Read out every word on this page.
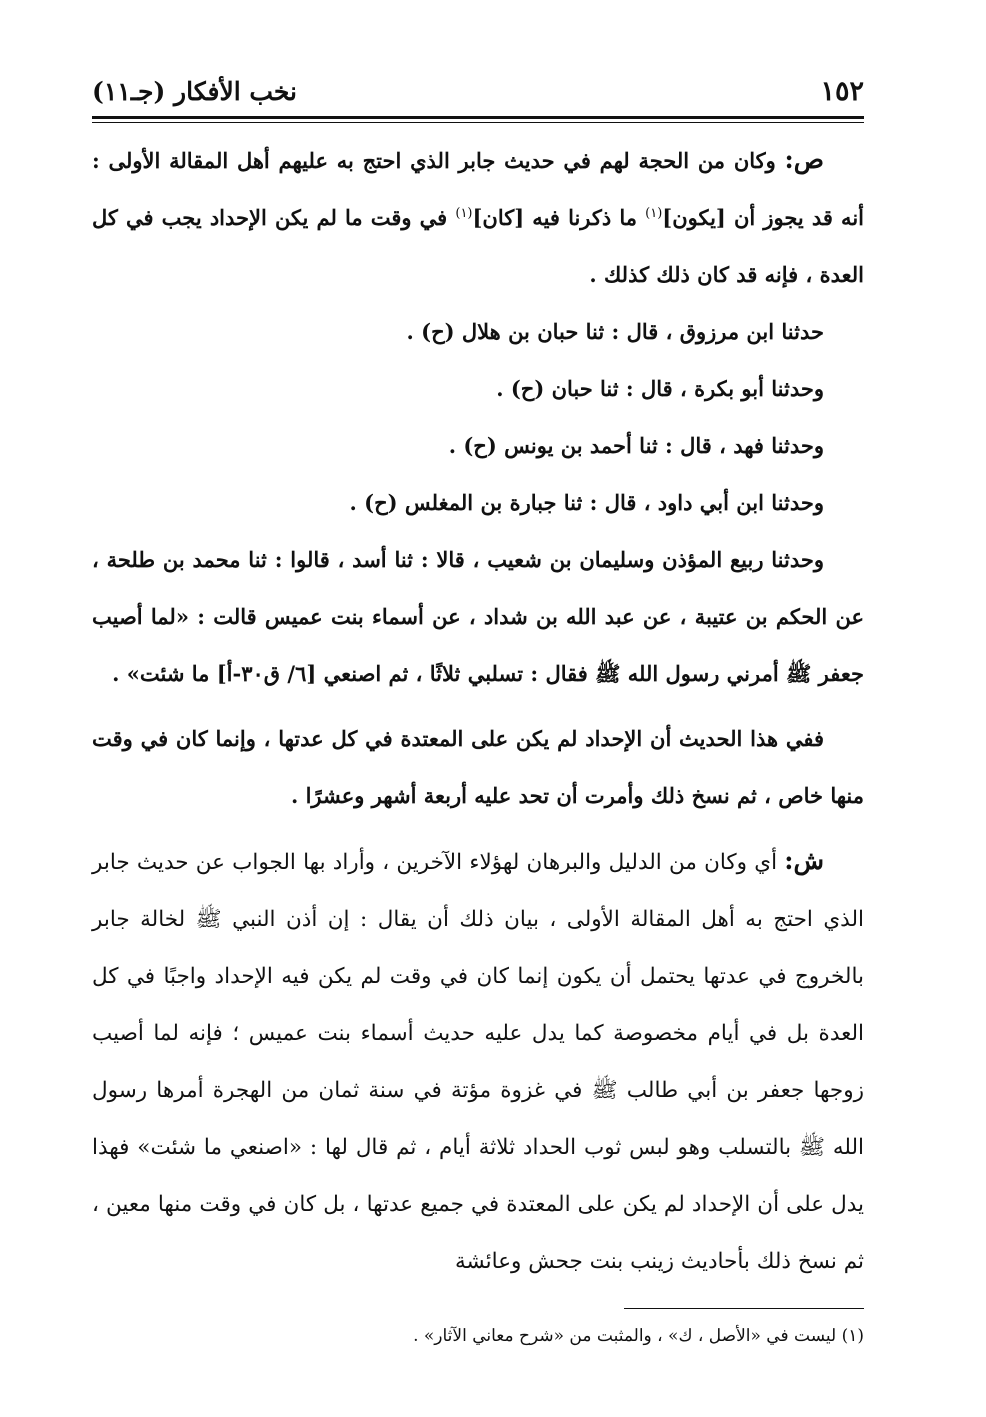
١٥٢
نخب الأفكار (جـ١١)

ص: وكان من الحجة لهم في حديث جابر الذي احتج به عليهم أهل المقالة الأولى : أنه قد يجوز أن [يكون]$^{(١)}$ ما ذكرنا فيه [كان]$^{(١)}$ في وقت ما لم يكن الإحداد يجب في كل العدة ، فإنه قد كان ذلك كذلك .

حدثنا ابن مرزوق ، قال : ثنا حبان بن هلال (ح) .

وحدثنا أبو بكرة ، قال : ثنا حبان (ح) .

وحدثنا فهد ، قال : ثنا أحمد بن يونس (ح) .

وحدثنا ابن أبي داود ، قال : ثنا جبارة بن المغلس (ح) .

وحدثنا ربيع المؤذن وسليمان بن شعيب ، قالا : ثنا أسد ، قالوا : ثنا محمد بن طلحة ، عن الحكم بن عتيبة ، عن عبد الله بن شداد ، عن أسماء بنت عميس قالت : «لما أصيب جعفر ﷺ أمرني رسول الله ﷺ فقال : تسلبي ثلاثًا ، ثم اصنعي [٦/ ق٣٠-أ] ما شئت» .

ففي هذا الحديث أن الإحداد لم يكن على المعتدة في كل عدتها ، وإنما كان في وقت منها خاص ، ثم نسخ ذلك وأمرت أن تحد عليه أربعة أشهر وعشرًا .

ش: أي وكان من الدليل والبرهان لهؤلاء الآخرين ، وأراد بها الجواب عن حديث جابر الذي احتج به أهل المقالة الأولى ، بيان ذلك أن يقال : إن أذن النبي ﷺ لخالة جابر بالخروج في عدتها يحتمل أن يكون إنما كان في وقت لم يكن فيه الإحداد واجبًا في كل العدة بل في أيام مخصوصة كما يدل عليه حديث أسماء بنت عميس ؛ فإنه لما أصيب زوجها جعفر بن أبي طالب ﷺ في غزوة مؤتة في سنة ثمان من الهجرة أمرها رسول الله ﷺ بالتسلب وهو لبس ثوب الحداد ثلاثة أيام ، ثم قال لها : «اصنعي ما شئت» فهذا يدل على أن الإحداد لم يكن على المعتدة في جميع عدتها ، بل كان في وقت منها معين ، ثم نسخ ذلك بأحاديث زينب بنت جحش وعائشة

(١) ليست في «الأصل ، ك» ، والمثبت من «شرح معاني الآثار» .
